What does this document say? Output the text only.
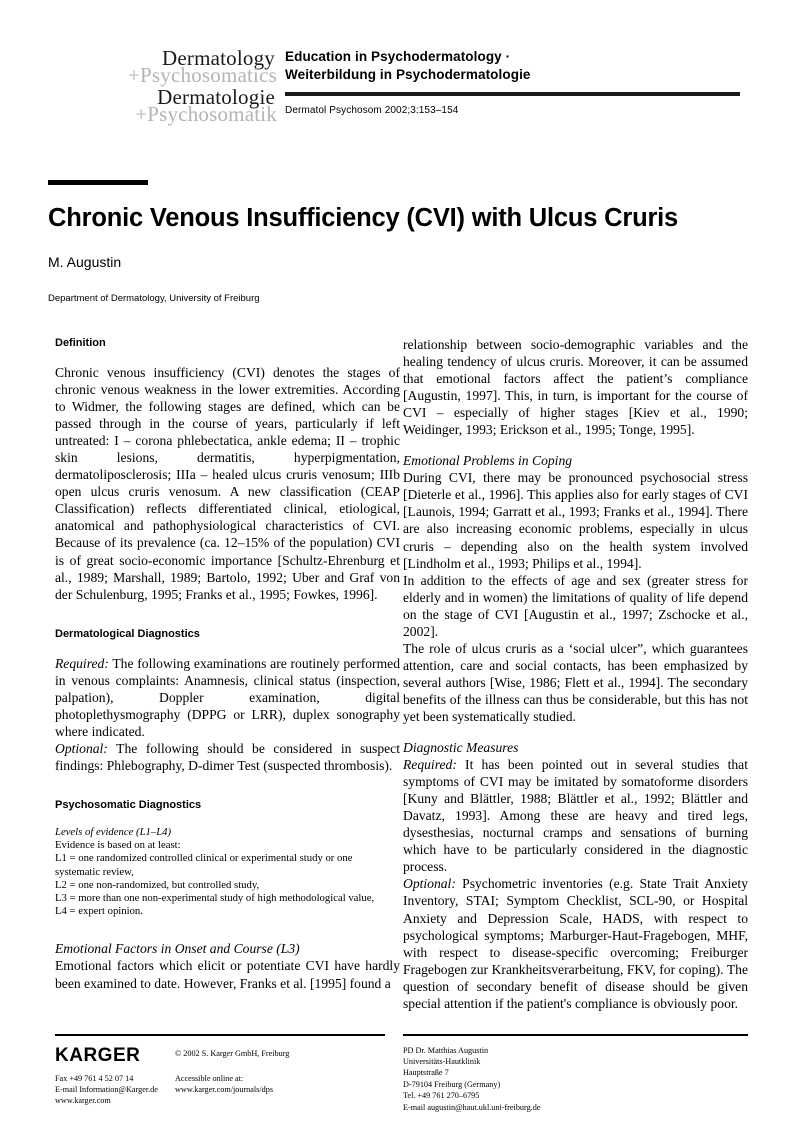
Dermatology
+Psychosomatics
Dermatologie
+Psychosomatik
Education in Psychodermatology ·
Weiterbildung in Psychodermatologie
Dermatol Psychosom 2002;3:153–154
Chronic Venous Insufficiency (CVI) with Ulcus Cruris
M. Augustin
Department of Dermatology, University of Freiburg
Definition

Chronic venous insufficiency (CVI) denotes the stages of chronic venous weakness in the lower extremities. According to Widmer, the following stages are defined, which can be passed through in the course of years, particularly if left untreated: I – corona phlebectatica, ankle edema; II – trophic skin lesions, dermatitis, hyperpigmentation, dermatoliposclerosis; IIIa – healed ulcus cruris venosum; IIIb open ulcus cruris venosum. A new classification (CEAP Classification) reflects differentiated clinical, etiological, anatomical and pathophysiological characteristics of CVI. Because of its prevalence (ca. 12–15% of the population) CVI is of great socio-economic importance [Schultz-Ehrenburg et al., 1989; Marshall, 1989; Bartolo, 1992; Uber and Graf von der Schulenburg, 1995; Franks et al., 1995; Fowkes, 1996].

Dermatological Diagnostics

Required: The following examinations are routinely performed in venous complaints: Anamnesis, clinical status (inspection, palpation), Doppler examination, digital photoplethysmography (DPPG or LRR), duplex sonography where indicated.

Optional: The following should be considered in suspect findings: Phlebography, D-dimer Test (suspected thrombosis).

Psychosomatic Diagnostics
Levels of evidence (L1–L4)
Evidence is based on at least:
L1 = one randomized controlled clinical or experimental study or one systematic review,
L2 = one non-randomized, but controlled study,
L3 = more than one non-experimental study of high methodological value,
L4 = expert opinion.
Emotional Factors in Onset and Course (L3)

Emotional factors which elicit or potentiate CVI have hardly been examined to date. However, Franks et al. [1995] found a

relationship between socio-demographic variables and the healing tendency of ulcus cruris. Moreover, it can be assumed that emotional factors affect the patient’s compliance [Augustin, 1997]. This, in turn, is important for the course of CVI – especially of higher stages [Kiev et al., 1990; Weidinger, 1993; Erickson et al., 1995; Tonge, 1995].

Emotional Problems in Coping

During CVI, there may be pronounced psychosocial stress [Dieterle et al., 1996]. This applies also for early stages of CVI [Launois, 1994; Garratt et al., 1993; Franks et al., 1994]. There are also increasing economic problems, especially in ulcus cruris – depending also on the health system involved [Lindholm et al., 1993; Philips et al., 1994].

In addition to the effects of age and sex (greater stress for elderly and in women) the limitations of quality of life depend on the stage of CVI [Augustin et al., 1997; Zschocke et al., 2002].

The role of ulcus cruris as a ‘social ulcer”, which guarantees attention, care and social contacts, has been emphasized by several authors [Wise, 1986; Flett et al., 1994]. The secondary benefits of the illness can thus be considerable, but this has not yet been systematically studied.

Diagnostic Measures

Required: It has been pointed out in several studies that symptoms of CVI may be imitated by somatoforme disorders [Kuny and Blättler, 1988; Blättler et al., 1992; Blättler and Davatz, 1993]. Among these are heavy and tired legs, dysesthesias, nocturnal cramps and sensations of burning which have to be particularly considered in the diagnostic process.

Optional: Psychometric inventories (e.g. State Trait Anxiety Inventory, STAI; Symptom Checklist, SCL-90, or Hospital Anxiety and Depression Scale, HADS, with respect to psychological symptoms; Marburger-Haut-Fragebogen, MHF, with respect to disease-specific overcoming; Freiburger Fragebogen zur Krankheitsverarbeitung, FKV, for coping). The question of secondary benefit of disease should be given special attention if the patient's compliance is obviously poor.

KARGER	© 2002 S. Karger GmbH, Freiburg
Fax +49 761 4 52 07 14
E-mail Information@Karger.de
www.karger.com
Accessible online at:
www.karger.com/journals/dps
PD Dr. Matthias Augustin
Universitäts-Hautklinik
Hauptstraße 7
D-79104 Freiburg (Germany)
Tel. +49 761 270–6795
E-mail augustin@haut.ukl.uni-freiburg.de
